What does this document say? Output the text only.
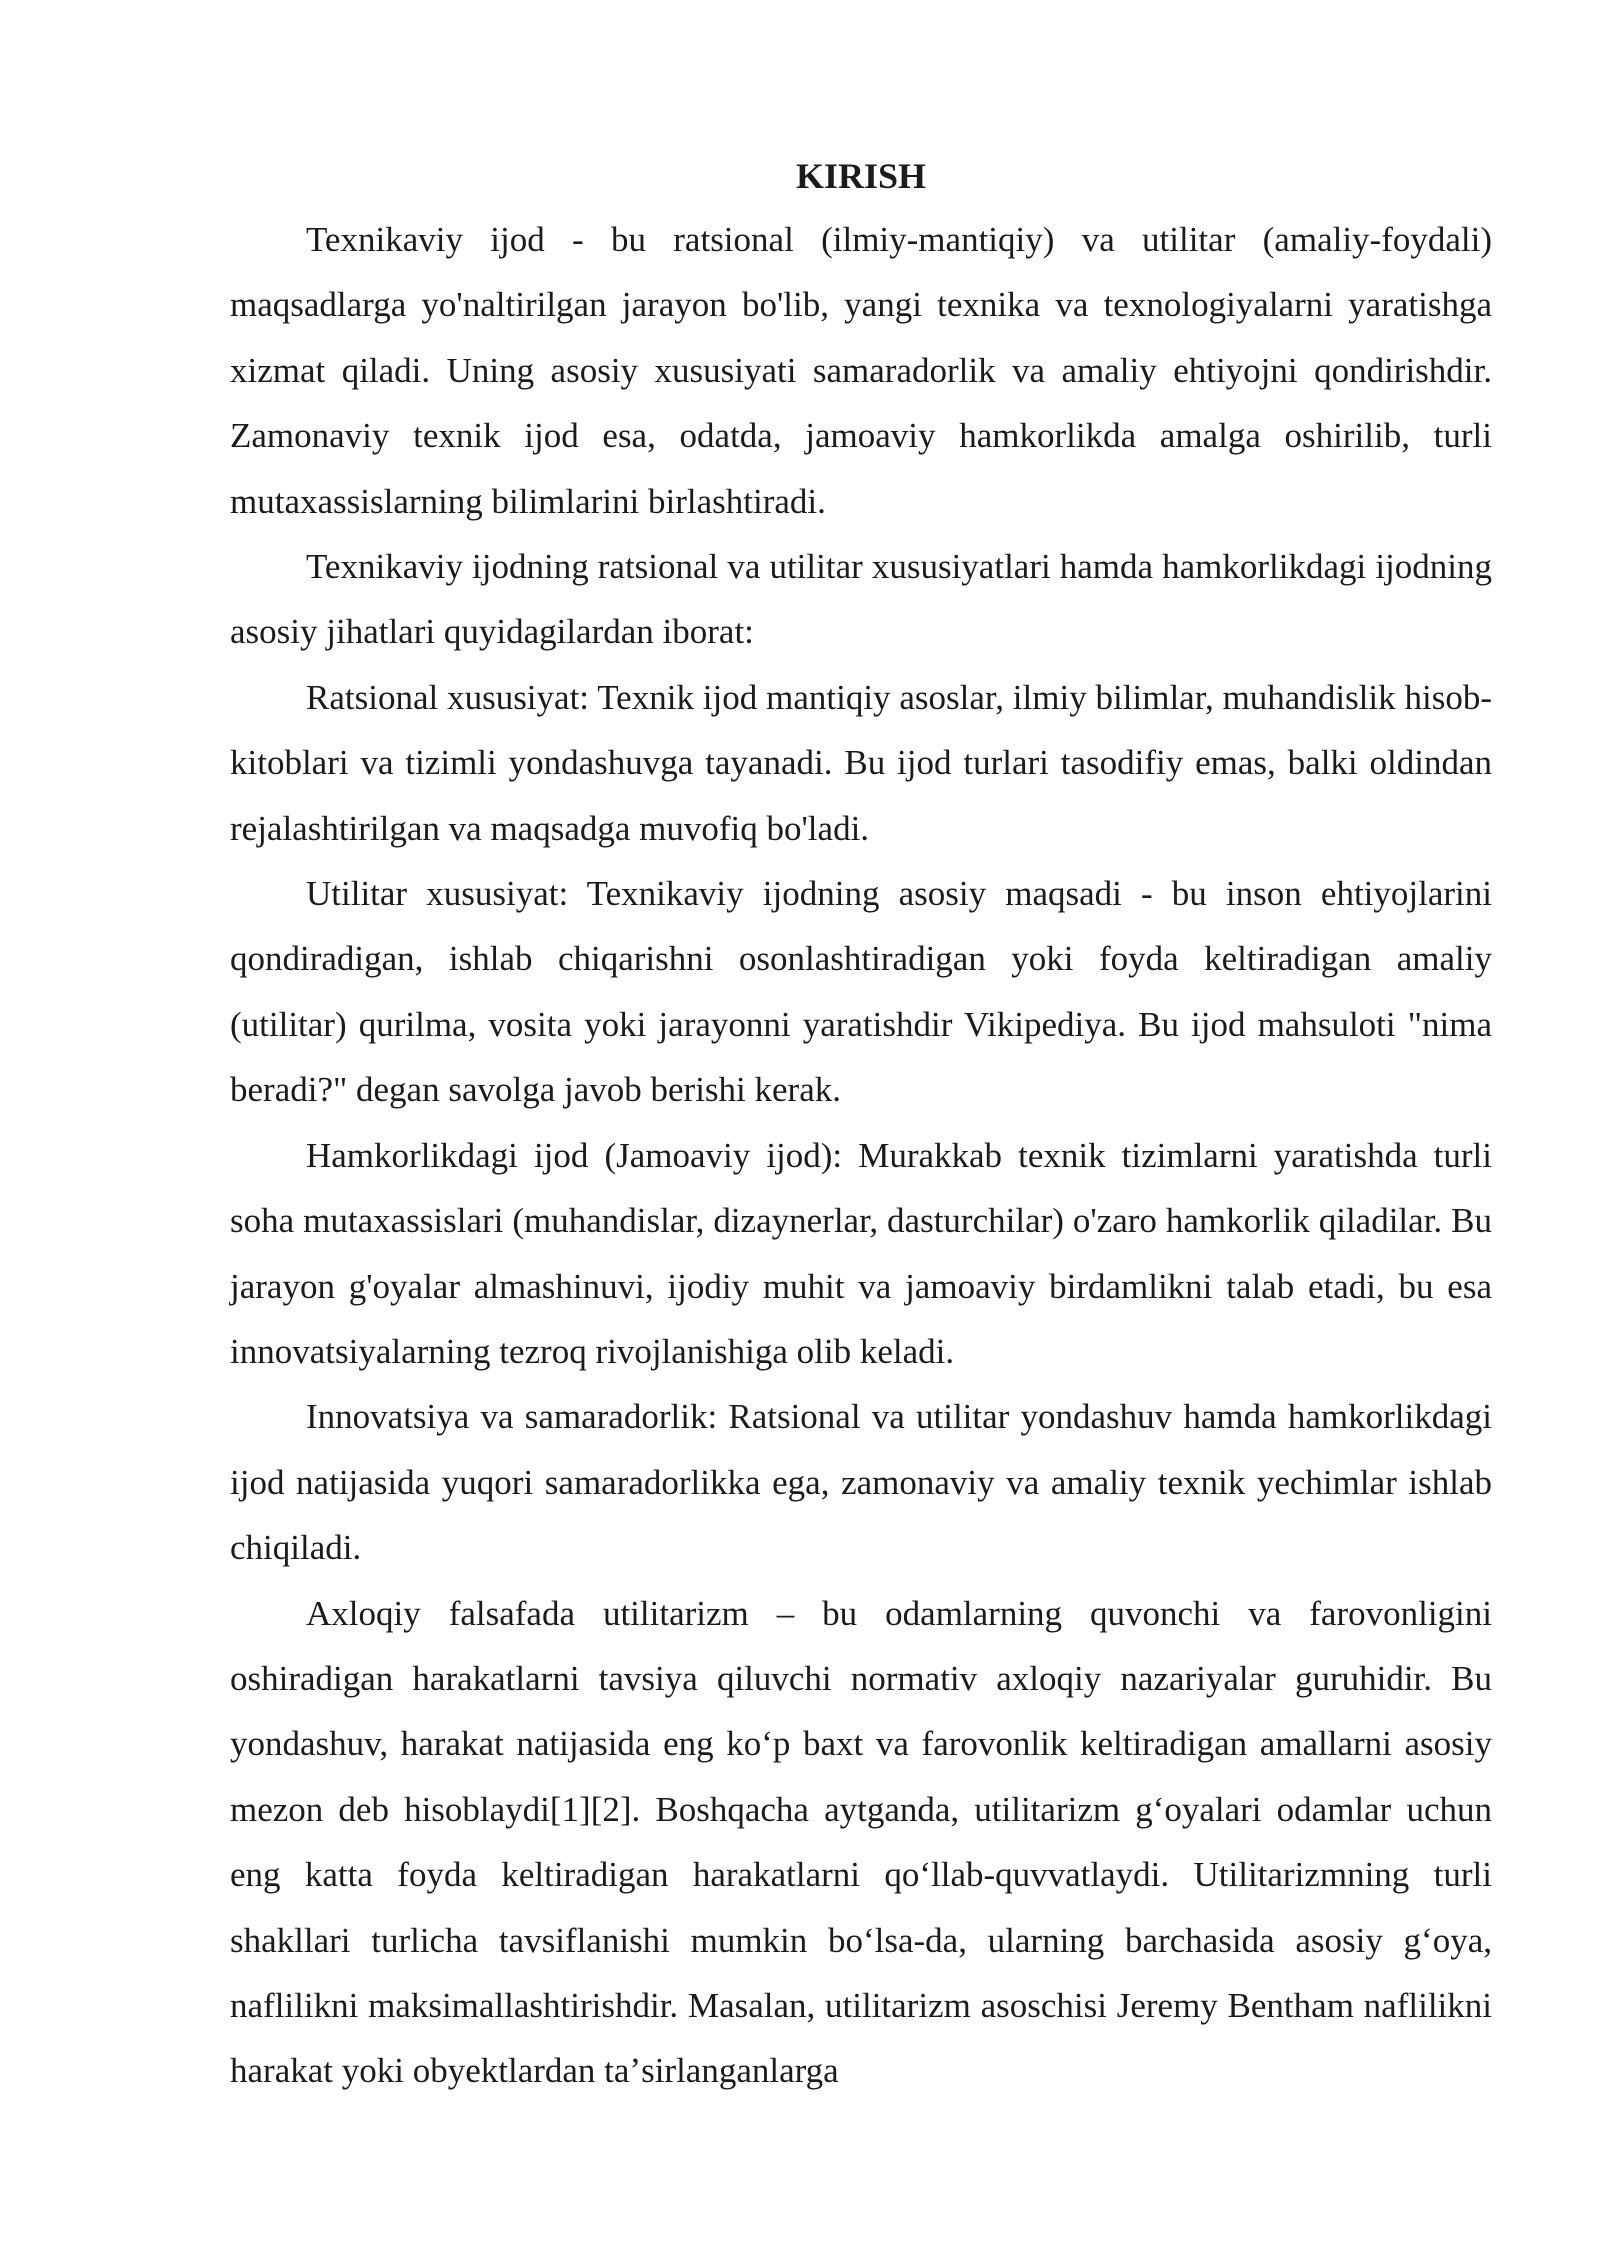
KIRISH

Texnikaviy ijod - bu ratsional (ilmiy-mantiqiy) va utilitar (amaliy-foydali) maqsadlarga yo'naltirilgan jarayon bo'lib, yangi texnika va texnologiyalarni yaratishga xizmat qiladi. Uning asosiy xususiyati samaradorlik va amaliy ehtiyojni qondirishdir. Zamonaviy texnik ijod esa, odatda, jamoaviy hamkorlikda amalga oshirilib, turli mutaxassislarning bilimlarini birlashtiradi.

Texnikaviy ijodning ratsional va utilitar xususiyatlari hamda hamkorlikdagi ijodning asosiy jihatlari quyidagilardan iborat:

Ratsional xususiyat: Texnik ijod mantiqiy asoslar, ilmiy bilimlar, muhandislik hisob-kitoblari va tizimli yondashuvga tayanadi. Bu ijod turlari tasodifiy emas, balki oldindan rejalashtirilgan va maqsadga muvofiq bo'ladi.

Utilitar xususiyat: Texnikaviy ijodning asosiy maqsadi - bu inson ehtiyojlarini qondiradigan, ishlab chiqarishni osonlashtiradigan yoki foyda keltiradigan amaliy (utilitar) qurilma, vosita yoki jarayonni yaratishdir Vikipediya. Bu ijod mahsuloti "nima beradi?" degan savolga javob berishi kerak.

Hamkorlikdagi ijod (Jamoaviy ijod): Murakkab texnik tizimlarni yaratishda turli soha mutaxassislari (muhandislar, dizaynerlar, dasturchilar) o'zaro hamkorlik qiladilar. Bu jarayon g'oyalar almashinuvi, ijodiy muhit va jamoaviy birdamlikni talab etadi, bu esa innovatsiyalarning tezroq rivojlanishiga olib keladi.

Innovatsiya va samaradorlik: Ratsional va utilitar yondashuv hamda hamkorlikdagi ijod natijasida yuqori samaradorlikka ega, zamonaviy va amaliy texnik yechimlar ishlab chiqiladi.

Axloqiy falsafada utilitarizm – bu odamlarning quvonchi va farovonligini oshiradigan harakatlarni tavsiya qiluvchi normativ axloqiy nazariyalar guruhidir. Bu yondashuv, harakat natijasida eng koʻp baxt va farovonlik keltiradigan amallarni asosiy mezon deb hisoblaydi[1][2]. Boshqacha aytganda, utilitarizm gʻoyalari odamlar uchun eng katta foyda keltiradigan harakatlarni qoʻllab-quvvatlaydi. Utilitarizmning turli shakllari turlicha tavsiflanishi mumkin boʻlsa-da, ularning barchasida asosiy gʻoya, naflilikni maksimallashtirishdir. Masalan, utilitarizm asoschisi Jeremy Bentham naflilikni harakat yoki obyektlardan taʼsirlanganlarga
